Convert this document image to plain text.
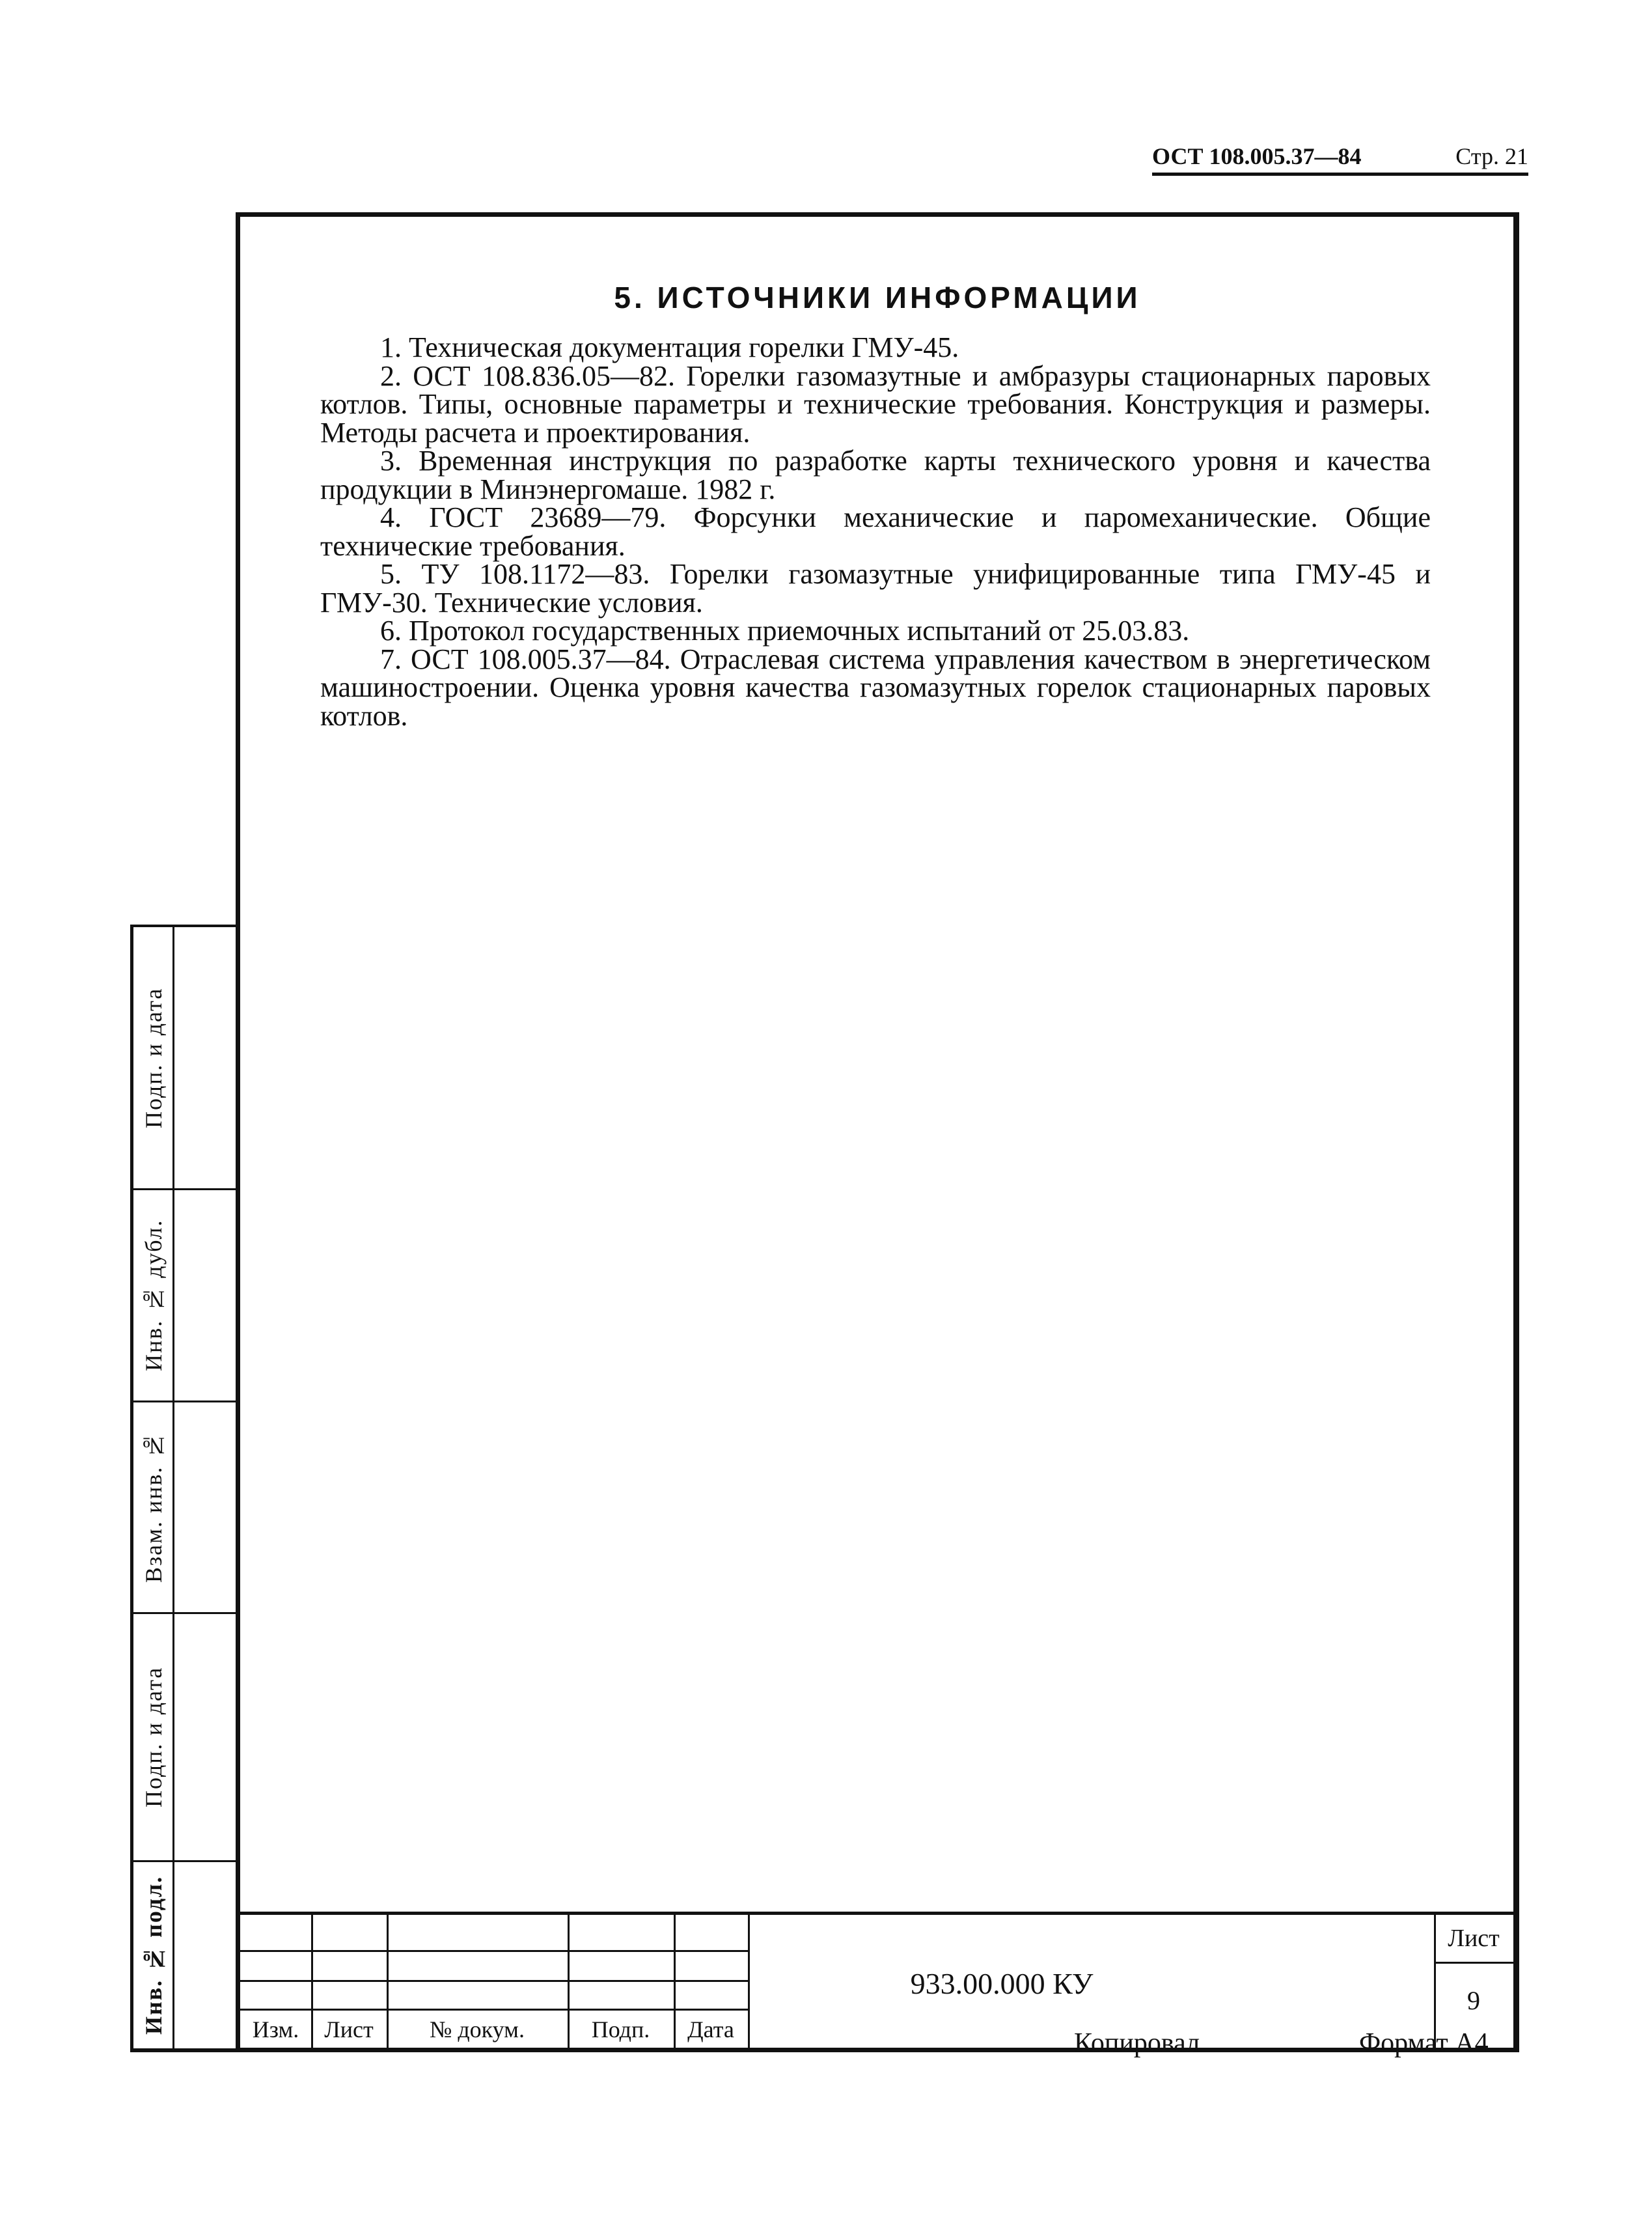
ОСТ 108.005.37—84	Стр. 21
5. ИСТОЧНИКИ ИНФОРМАЦИИ

1. Техническая документация горелки ГМУ-45.

2. ОСТ 108.836.05—82. Горелки газомазутные и амбразуры стационарных паровых котлов. Типы, основные параметры и технические требования. Конструкция и размеры. Методы расчета и проектирования.

3. Временная инструкция по разработке карты технического уровня и качества продукции в Минэнергомаше. 1982 г.

4. ГОСТ 23689—79. Форсунки механические и паромеханические. Общие технические требования.

5. ТУ 108.1172—83. Горелки газомазутные унифицированные типа ГМУ-45 и ГМУ-30. Технические условия.

6. Протокол государственных приемочных испытаний от 25.03.83.

7. ОСТ 108.005.37—84. Отраслевая система управления качеством в энергетическом машиностроении. Оценка уровня качества газомазутных горелок стационарных паровых котлов.

Изм.	Лист	№ докум.	Подп.	Дата
933.00.000 КУ
Лист
9
Подп. и дата
Инв. № дубл.
Взам. инв. №
Подп. и дата
Инв. № подл.
Копировал	Формат А4
